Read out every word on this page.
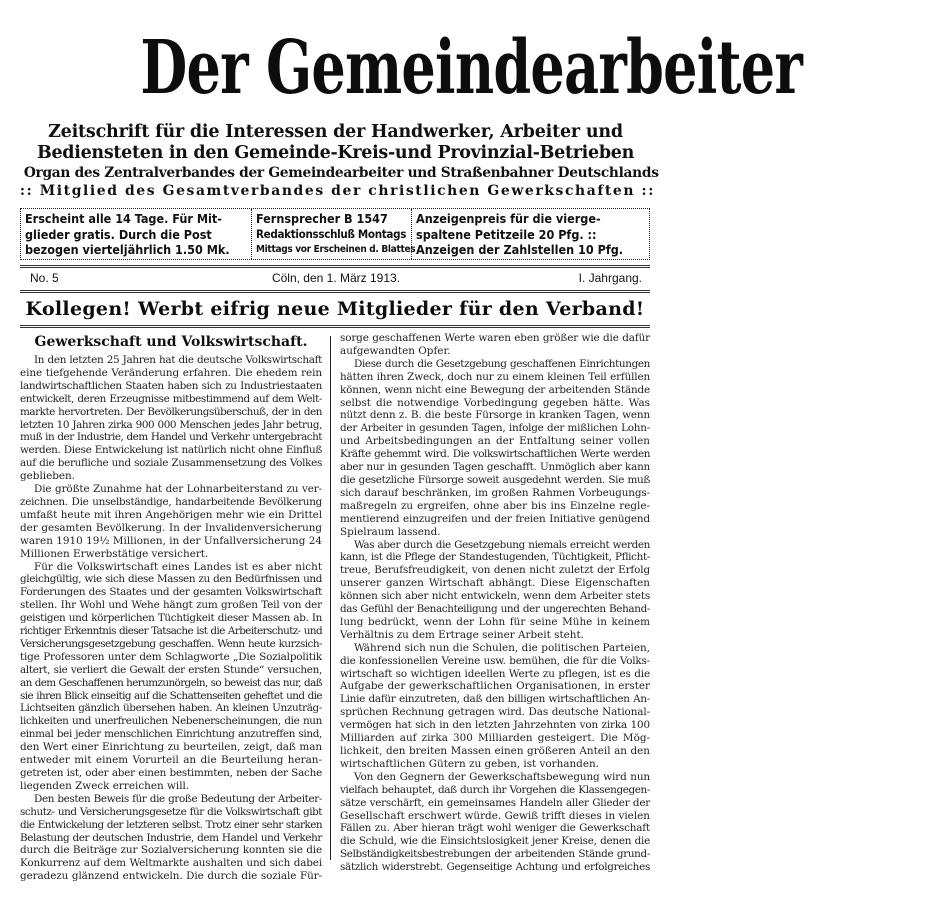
Der Gemeindearbeiter
Zeitschrift für die Interessen der Handwerker, Arbeiter und
Bediensteten in den Gemeinde-Kreis-und Provinzial-Betrieben
Organ des Zentralverbandes der Gemeindearbeiter und Straßenbahner Deutschlands
:: Mitglied des Gesamtverbandes der christlichen Gewerkschaften ::
Erscheint alle 14 Tage. Für Mit-
glieder gratis. Durch die Post
bezogen vierteljährlich 1.50 Mk.
Fernsprecher B 1547
Redaktionsschluß Montags
Mittags vor Erscheinen d. Blattes
Anzeigenpreis für die vierge-
spaltene Petitzeile 20 Pfg. ::
Anzeigen der Zahlstellen 10 Pfg.
No. 5	Cöln, den 1. März 1913.	I. Jahrgang.
Kollegen! Werbt eifrig neue Mitglieder für den Verband!
Gewerkschaft und Volkswirtschaft.
In den letzten 25 Jahren hat die deutsche Volkswirtschaft
eine tiefgehende Veränderung erfahren. Die ehedem rein
landwirtschaftlichen Staaten haben sich zu Industriestaaten
entwickelt, deren Erzeugnisse mitbestimmend auf dem Welt-
markte hervortreten. Der Bevölkerungsüberschuß, der in den
letzten 10 Jahren zirka 900 000 Menschen jedes Jahr betrug,
muß in der Industrie, dem Handel und Verkehr untergebracht
werden. Diese Entwickelung ist natürlich nicht ohne Einfluß
auf die berufliche und soziale Zusammensetzung des Volkes
geblieben.
Die größte Zunahme hat der Lohnarbeiterstand zu ver-
zeichnen. Die unselbständige, handarbeitende Bevölkerung
umfaßt heute mit ihren Angehörigen mehr wie ein Drittel
der gesamten Bevölkerung. In der Invalidenversicherung
waren 1910 19½ Millionen, in der Unfallversicherung 24
Millionen Erwerbstätige versichert.
Für die Volkswirtschaft eines Landes ist es aber nicht
gleichgültig, wie sich diese Massen zu den Bedürfnissen und
Forderungen des Staates und der gesamten Volkswirtschaft
stellen. Ihr Wohl und Wehe hängt zum großen Teil von der
geistigen und körperlichen Tüchtigkeit dieser Massen ab. In
richtiger Erkenntnis dieser Tatsache ist die Arbeiterschutz- und
Versicherungsgesetzgebung geschaffen. Wenn heute kurzsich-
tige Professoren unter dem Schlagworte „Die Sozialpolitik
altert, sie verliert die Gewalt der ersten Stunde“ versuchen,
an dem Geschaffenen herumzunörgeln, so beweist das nur, daß
sie ihren Blick einseitig auf die Schattenseiten geheftet und die
Lichtseiten gänzlich übersehen haben. An kleinen Unzuträg-
lichkeiten und unerfreulichen Nebenerscheinungen, die nun
einmal bei jeder menschlichen Einrichtung anzutreffen sind,
den Wert einer Einrichtung zu beurteilen, zeigt, daß man
entweder mit einem Vorurteil an die Beurteilung heran-
getreten ist, oder aber einen bestimmten, neben der Sache
liegenden Zweck erreichen will.
Den besten Beweis für die große Bedeutung der Arbeiter-
schutz- und Versicherungsgesetze für die Volkswirtschaft gibt
die Entwickelung der letzteren selbst. Trotz einer sehr starken
Belastung der deutschen Industrie, dem Handel und Verkehr
durch die Beiträge zur Sozialversicherung konnten sie die
Konkurrenz auf dem Weltmarkte aushalten und sich dabei
geradezu glänzend entwickeln. Die durch die soziale Für-
sorge geschaffenen Werte waren eben größer wie die dafür
aufgewandten Opfer.
Diese durch die Gesetzgebung geschaffenen Einrichtungen
hätten ihren Zweck, doch nur zu einem kleinen Teil erfüllen
können, wenn nicht eine Bewegung der arbeitenden Stände
selbst die notwendige Vorbedingung gegeben hätte. Was
nützt denn z. B. die beste Fürsorge in kranken Tagen, wenn
der Arbeiter in gesunden Tagen, infolge der mißlichen Lohn-
und Arbeitsbedingungen an der Entfaltung seiner vollen
Kräfte gehemmt wird. Die volkswirtschaftlichen Werte werden
aber nur in gesunden Tagen geschafft. Unmöglich aber kann
die gesetzliche Fürsorge soweit ausgedehnt werden. Sie muß
sich darauf beschränken, im großen Rahmen Vorbeugungs-
maßregeln zu ergreifen, ohne aber bis ins Einzelne regle-
mentierend einzugreifen und der freien Initiative genügend
Spielraum lassend.
Was aber durch die Gesetzgebung niemals erreicht werden
kann, ist die Pflege der Standestugenden, Tüchtigkeit, Pflicht-
treue, Berufsfreudigkeit, von denen nicht zuletzt der Erfolg
unserer ganzen Wirtschaft abhängt. Diese Eigenschaften
können sich aber nicht entwickeln, wenn dem Arbeiter stets
das Gefühl der Benachteiligung und der ungerechten Behand-
lung bedrückt, wenn der Lohn für seine Mühe in keinem
Verhältnis zu dem Ertrage seiner Arbeit steht.
Während sich nun die Schulen, die politischen Parteien,
die konfessionellen Vereine usw. bemühen, die für die Volks-
wirtschaft so wichtigen ideellen Werte zu pflegen, ist es die
Aufgabe der gewerkschaftlichen Organisationen, in erster
Linie dafür einzutreten, daß den billigen wirtschaftlichen An-
sprüchen Rechnung getragen wird. Das deutsche National-
vermögen hat sich in den letzten Jahrzehnten von zirka 100
Milliarden auf zirka 300 Milliarden gesteigert. Die Mög-
lichkeit, den breiten Massen einen größeren Anteil an den
wirtschaftlichen Gütern zu geben, ist vorhanden.
Von den Gegnern der Gewerkschaftsbewegung wird nun
vielfach behauptet, daß durch ihr Vorgehen die Klassengegen-
sätze verschärft, ein gemeinsames Handeln aller Glieder der
Gesellschaft erschwert würde. Gewiß trifft dieses in vielen
Fällen zu. Aber hieran trägt wohl weniger die Gewerkschaft
die Schuld, wie die Einsichtslosigkeit jener Kreise, denen die
Selbständigkeitsbestrebungen der arbeitenden Stände grund-
sätzlich widerstrebt. Gegenseitige Achtung und erfolgreiches
